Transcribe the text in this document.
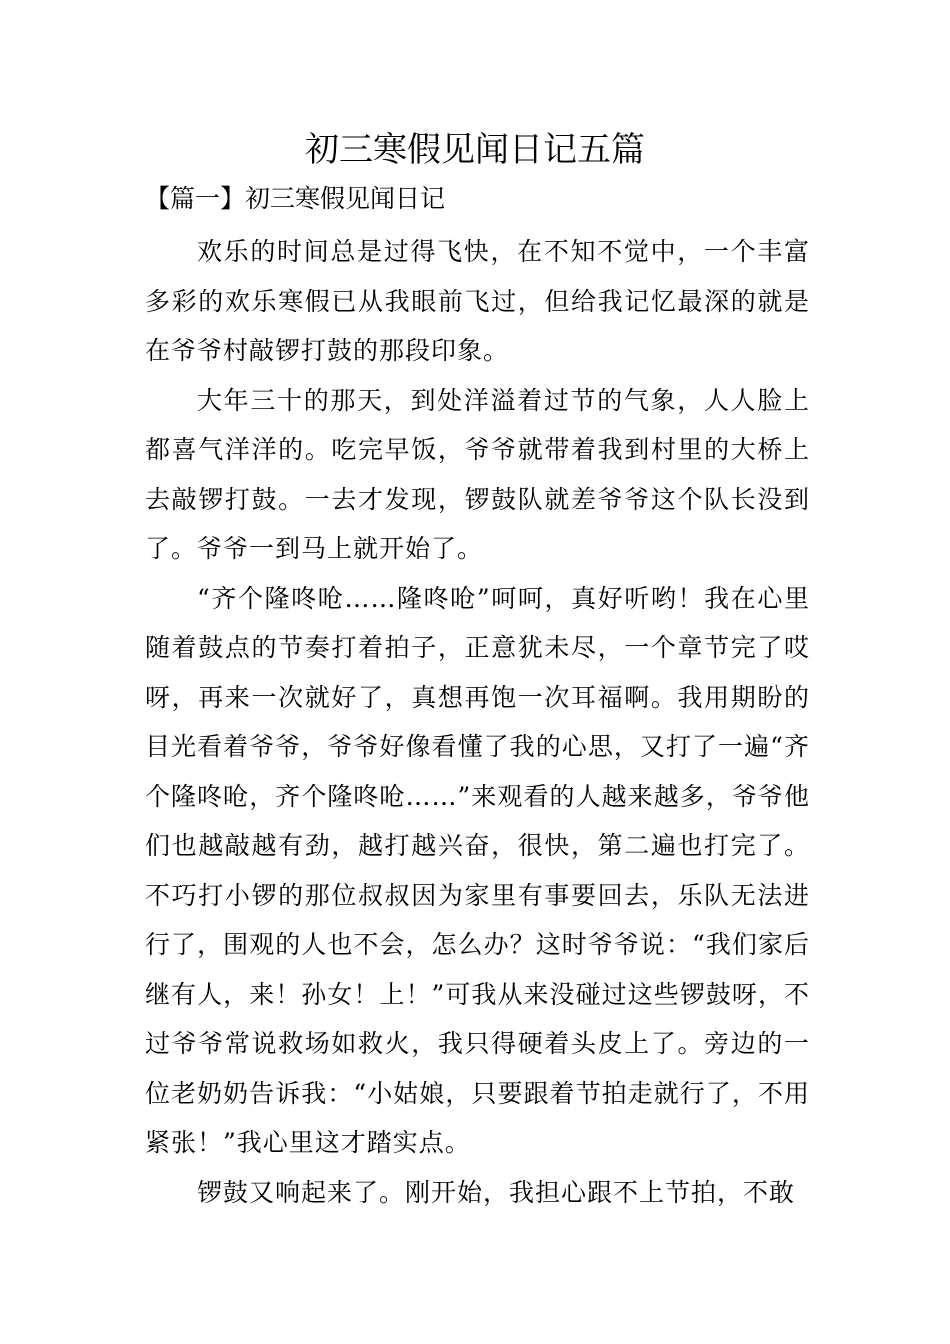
初三寒假见闻日记五篇
【篇一】初三寒假见闻日记

欢乐的时间总是过得飞快，在不知不觉中，一个丰富多彩的欢乐寒假已从我眼前飞过，但给我记忆最深的就是在爷爷村敲锣打鼓的那段印象。

大年三十的那天，到处洋溢着过节的气象，人人脸上都喜气洋洋的。吃完早饭，爷爷就带着我到村里的大桥上去敲锣打鼓。一去才发现，锣鼓队就差爷爷这个队长没到了。爷爷一到马上就开始了。

“齐个隆咚呛……隆咚呛”呵呵，真好听哟！我在心里随着鼓点的节奏打着拍子，正意犹未尽，一个章节完了哎呀，再来一次就好了，真想再饱一次耳福啊。我用期盼的目光看着爷爷，爷爷好像看懂了我的心思，又打了一遍“齐个隆咚呛，齐个隆咚呛……”来观看的人越来越多，爷爷他们也越敲越有劲，越打越兴奋，很快，第二遍也打完了。不巧打小锣的那位叔叔因为家里有事要回去，乐队无法进行了，围观的人也不会，怎么办？这时爷爷说：“我们家后继有人，来！孙女！上！”可我从来没碰过这些锣鼓呀，不过爷爷常说救场如救火，我只得硬着头皮上了。旁边的一位老奶奶告诉我：“小姑娘，只要跟着节拍走就行了，不用紧张！”我心里这才踏实点。

锣鼓又响起来了。刚开始，我担心跟不上节拍，不敢
